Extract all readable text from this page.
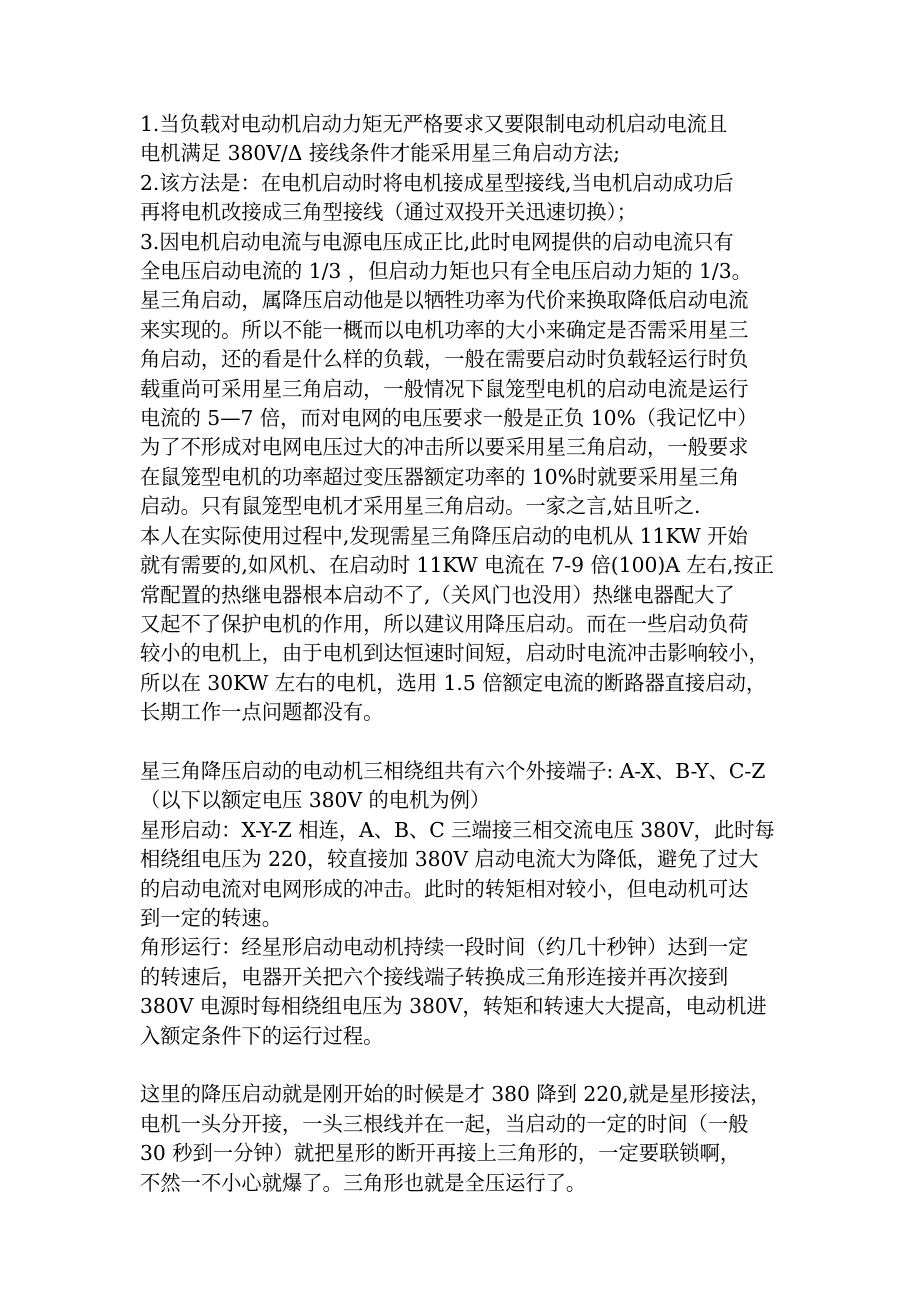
1.当负载对电动机启动力矩无严格要求又要限制电动机启动电流且
电机满足 380V/Δ 接线条件才能采用星三角启动方法;
2.该方法是：在电机启动时将电机接成星型接线,当电机启动成功后
再将电机改接成三角型接线（通过双投开关迅速切换）；
3.因电机启动电流与电源电压成正比,此时电网提供的启动电流只有
全电压启动电流的 1/3 ，但启动力矩也只有全电压启动力矩的 1/3。
星三角启动，属降压启动他是以牺牲功率为代价来换取降低启动电流
来实现的。所以不能一概而以电机功率的大小来确定是否需采用星三
角启动，还的看是什么样的负载，一般在需要启动时负载轻运行时负
载重尚可采用星三角启动，一般情况下鼠笼型电机的启动电流是运行
电流的 5—7 倍，而对电网的电压要求一般是正负 10%（我记忆中）
为了不形成对电网电压过大的冲击所以要采用星三角启动，一般要求
在鼠笼型电机的功率超过变压器额定功率的 10%时就要采用星三角
启动。只有鼠笼型电机才采用星三角启动。一家之言,姑且听之.
本人在实际使用过程中,发现需星三角降压启动的电机从 11KW 开始
就有需要的,如风机、在启动时 11KW 电流在 7-9 倍(100)A 左右,按正
常配置的热继电器根本启动不了,（关风门也没用）热继电器配大了
又起不了保护电机的作用，所以建议用降压启动。而在一些启动负荷
较小的电机上，由于电机到达恒速时间短，启动时电流冲击影响较小，
所以在 30KW 左右的电机，选用 1.5 倍额定电流的断路器直接启动，
长期工作一点问题都没有。
星三角降压启动的电动机三相绕组共有六个外接端子: A-X、B-Y、C-Z
（以下以额定电压 380V 的电机为例）
星形启动：X-Y-Z 相连，A、B、C 三端接三相交流电压 380V，此时每
相绕组电压为 220，较直接加 380V 启动电流大为降低，避免了过大
的启动电流对电网形成的冲击。此时的转矩相对较小，但电动机可达
到一定的转速。
角形运行：经星形启动电动机持续一段时间（约几十秒钟）达到一定
的转速后，电器开关把六个接线端子转换成三角形连接并再次接到
380V 电源时每相绕组电压为 380V，转矩和转速大大提高，电动机进
入额定条件下的运行过程。
这里的降压启动就是刚开始的时候是才 380 降到 220,就是星形接法，
电机一头分开接，一头三根线并在一起，当启动的一定的时间（一般
30 秒到一分钟）就把星形的断开再接上三角形的，一定要联锁啊，
不然一不小心就爆了。三角形也就是全压运行了。
